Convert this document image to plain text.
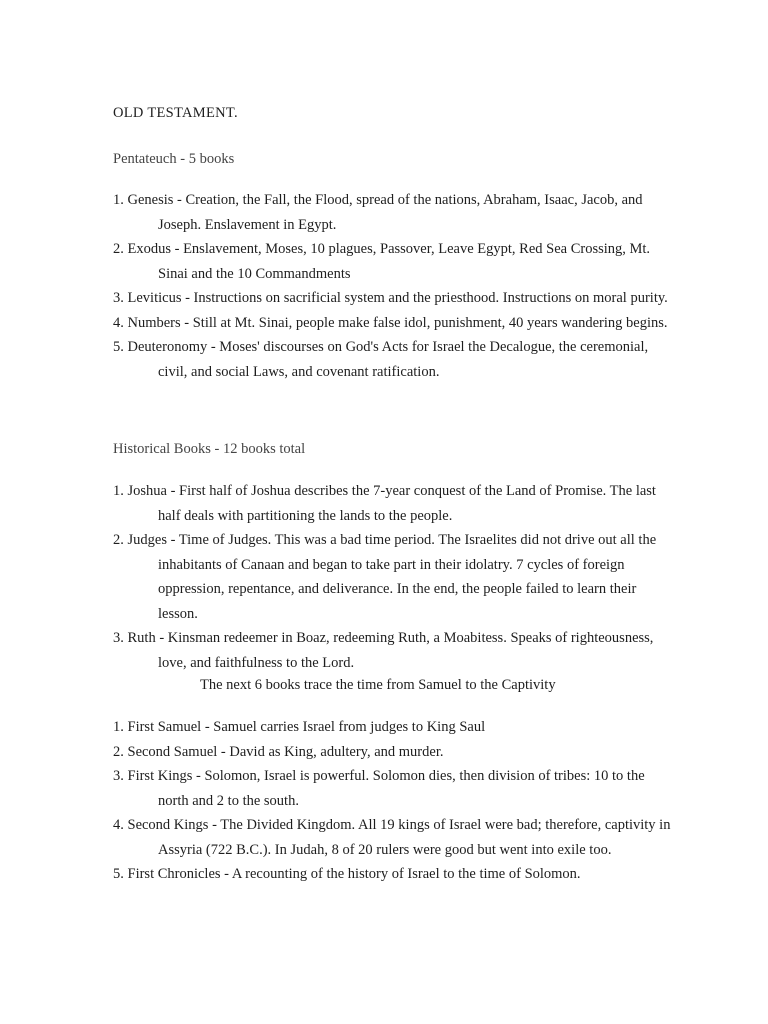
OLD TESTAMENT.
Pentateuch - 5 books
1. Genesis - Creation, the Fall, the Flood, spread of the nations, Abraham, Isaac, Jacob, and Joseph. Enslavement in Egypt.
2. Exodus - Enslavement, Moses, 10 plagues, Passover, Leave Egypt, Red Sea Crossing, Mt. Sinai and the 10 Commandments
3. Leviticus - Instructions on sacrificial system and the priesthood. Instructions on moral purity.
4. Numbers - Still at Mt. Sinai, people make false idol, punishment, 40 years wandering begins.
5. Deuteronomy - Moses' discourses on God's Acts for Israel the Decalogue, the ceremonial, civil, and social Laws, and covenant ratification.
Historical Books - 12 books total
1. Joshua - First half of Joshua describes the 7-year conquest of the Land of Promise. The last half deals with partitioning the lands to the people.
2. Judges - Time of Judges. This was a bad time period. The Israelites did not drive out all the inhabitants of Canaan and began to take part in their idolatry. 7 cycles of foreign oppression, repentance, and deliverance. In the end, the people failed to learn their lesson.
3. Ruth - Kinsman redeemer in Boaz, redeeming Ruth, a Moabitess. Speaks of righteousness, love, and faithfulness to the Lord.
The next 6 books trace the time from Samuel to the Captivity
1. First Samuel - Samuel carries Israel from judges to King Saul
2. Second Samuel - David as King, adultery, and murder.
3. First Kings - Solomon, Israel is powerful. Solomon dies, then division of tribes: 10 to the north and 2 to the south.
4. Second Kings - The Divided Kingdom. All 19 kings of Israel were bad; therefore, captivity in Assyria (722 B.C.). In Judah, 8 of 20 rulers were good but went into exile too.
5. First Chronicles - A recounting of the history of Israel to the time of Solomon.
